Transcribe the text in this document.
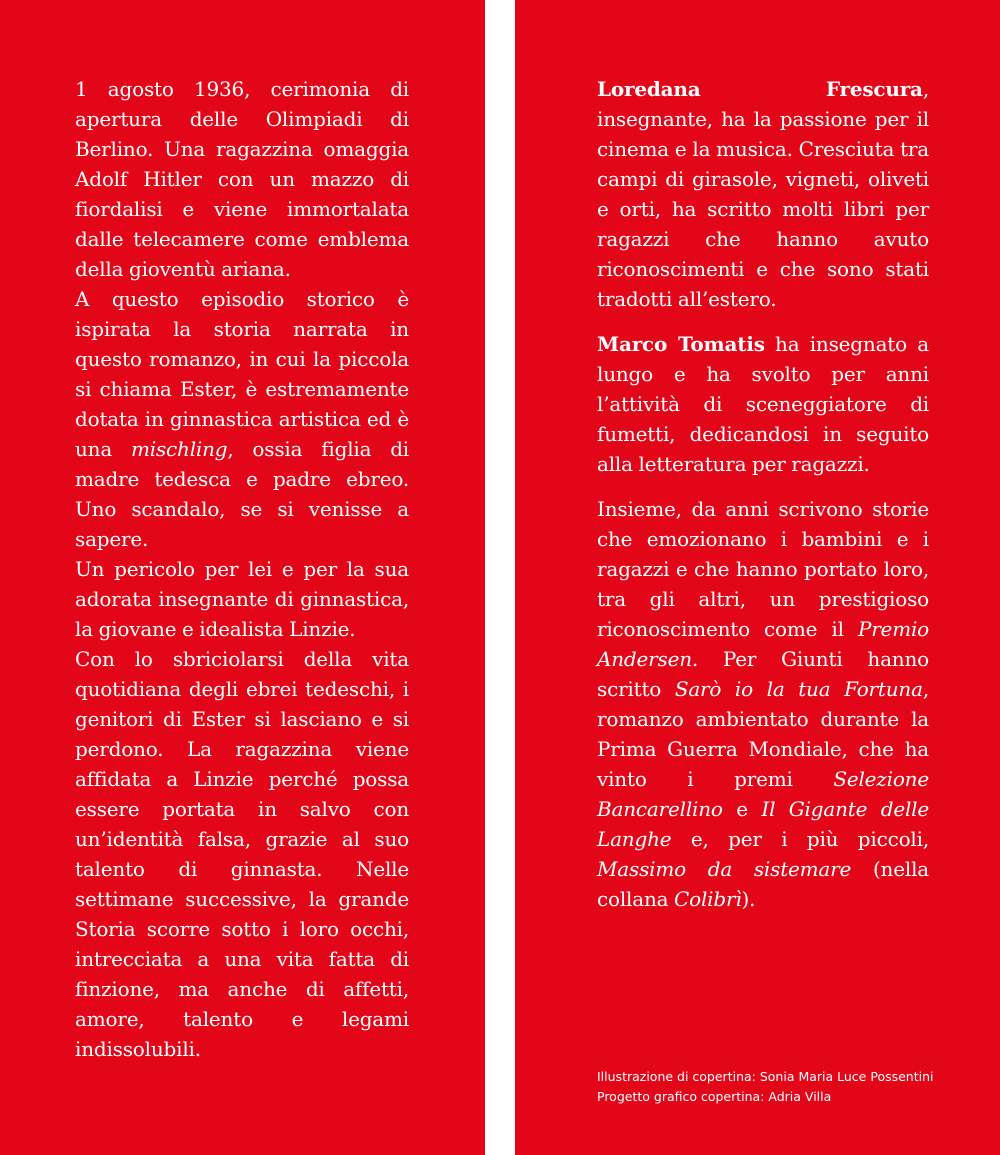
1 agosto 1936, cerimonia di apertura delle Olimpiadi di Berlino. Una ragazzina omaggia Adolf Hitler con un mazzo di fiordalisi e viene immortalata dalle telecamere come emblema della gioventù ariana.

A questo episodio storico è ispirata la storia narrata in questo romanzo, in cui la piccola si chiama Ester, è estremamente dotata in ginnastica artistica ed è una mischling, ossia figlia di madre tedesca e padre ebreo. Uno scandalo, se si venisse a sapere.

Un pericolo per lei e per la sua adorata insegnante di ginnastica, la giovane e idealista Linzie.

Con lo sbriciolarsi della vita quotidiana degli ebrei tedeschi, i genitori di Ester si lasciano e si perdono. La ragazzina viene affidata a Linzie perché possa essere portata in salvo con un’identità falsa, grazie al suo talento di ginnasta. Nelle settimane successive, la grande Storia scorre sotto i loro occhi, intrecciata a una vita fatta di finzione, ma anche di affetti, amore, talento e legami indissolubili.

Loredana Frescura, insegnante, ha la passione per il cinema e la musica. Cresciuta tra campi di girasole, vigneti, oliveti e orti, ha scritto molti libri per ragazzi che hanno avuto riconoscimenti e che sono stati tradotti all’estero.

Marco Tomatis ha insegnato a lungo e ha svolto per anni l’attività di sceneggiatore di fumetti, dedicandosi in seguito alla letteratura per ragazzi.

Insieme, da anni scrivono storie che emozionano i bambini e i ragazzi e che hanno portato loro, tra gli altri, un prestigioso riconoscimento come il Premio Andersen. Per Giunti hanno scritto Sarò io la tua Fortuna, romanzo ambientato durante la Prima Guerra Mondiale, che ha vinto i premi Selezione Bancarellino e Il Gigante delle Langhe e, per i più piccoli, Massimo da sistemare (nella collana Colibrì).

Illustrazione di copertina: Sonia Maria Luce Possentini
Progetto grafico copertina: Adria Villa
